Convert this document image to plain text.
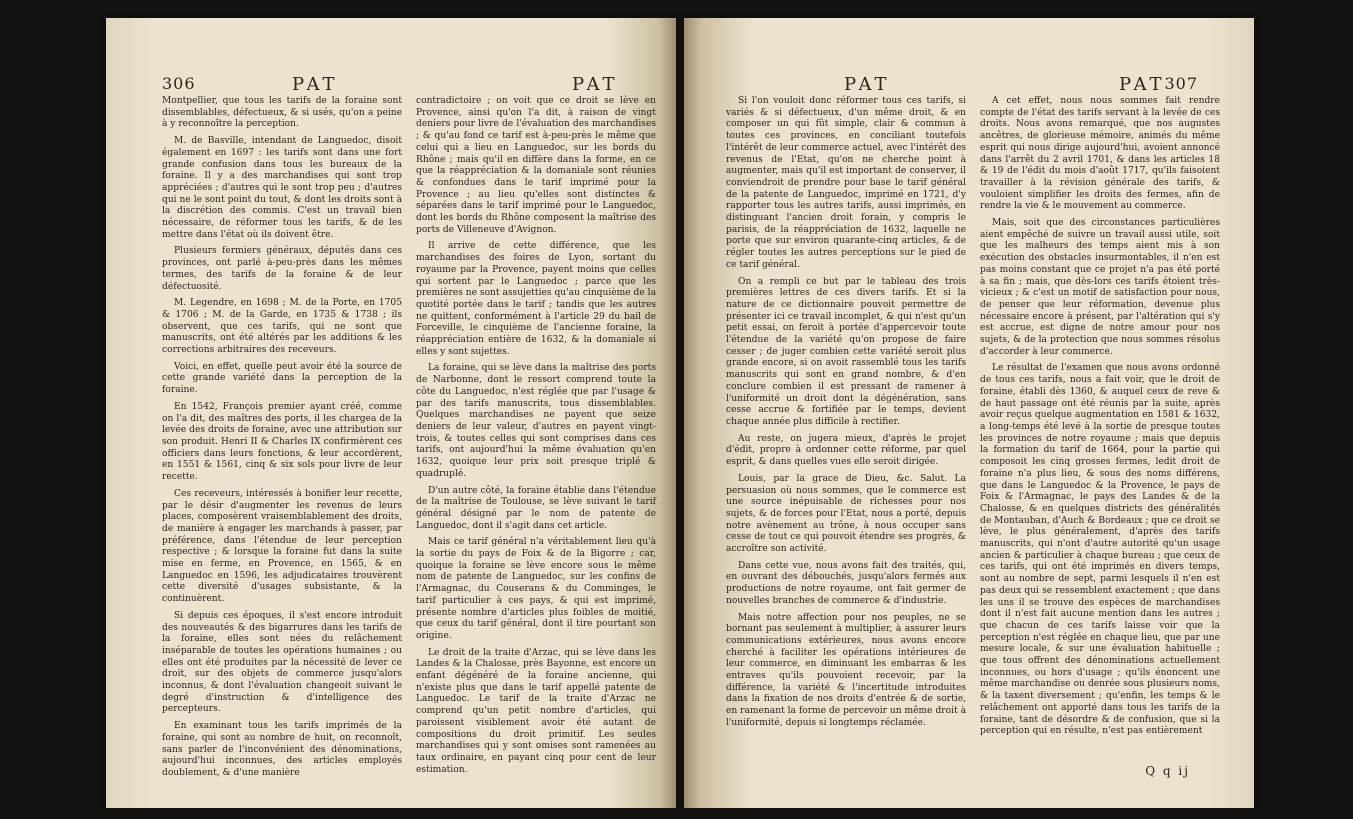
306	PAT	PAT

Montpellier, que tous les tarifs de la foraine sont dissemblables, défectueux, & si usés, qu'on a peine à y reconnoître la perception.

M. de Basville, intendant de Languedoc, disoit également en 1697 : les tarifs sont dans une fort grande confusion dans tous les bureaux de la foraine. Il y a des marchandises qui sont trop appréciées ; d'autres qui le sont trop peu ; d'autres qui ne le sont point du tout, & dont les droits sont à la discrétion des commis. C'est un travail bien nécessaire, de réformer tous les tarifs, & de les mettre dans l'état où ils doivent être.

Plusieurs fermiers généraux, députés dans ces provinces, ont parlé à-peu-près dans les mêmes termes, des tarifs de la foraine & de leur défectuosité.

M. Legendre, en 1698 ; M. de la Porte, en 1705 & 1706 ; M. de la Garde, en 1735 & 1738 ; ils observent, que ces tarifs, qui ne sont que manuscrits, ont été altérés par les additions & les corrections arbitraires des receveurs.

Voici, en effet, quelle peut avoir été la source de cette grande variété dans la perception de la foraine.

En 1542, François premier ayant créé, comme on l'a dit, des maîtres des ports, il les chargea de la levée des droits de foraine, avec une attribution sur son produit. Henri II & Charles IX confirmèrent ces officiers dans leurs fonctions, & leur accordèrent, en 1551 & 1561, cinq & six sols pour livre de leur recette.

Ces receveurs, intéressés à bonifier leur recette, par le désir d'augmenter les revenus de leurs places, composèrent vraisemblablement des droits, de manière à engager les marchands à passer, par préférence, dans l'étendue de leur perception respective ; & lorsque la foraine fut dans la suite mise en ferme, en Provence, en 1565, & en Languedoc en 1596, les adjudicataires trouvèrent cette diversité d'usages subsistante, & la continuèrent.

Si depuis ces époques, il s'est encore introduit des nouveautés & des bigarrures dans les tarifs de la foraine, elles sont nées du relâchement inséparable de toutes les opérations humaines ; ou elles ont été produites par la nécessité de lever ce droit, sur des objets de commerce jusqu'alors inconnus, & dont l'évaluation changeoit suivant le degré d'instruction & d'intelligence des percepteurs.

En examinant tous les tarifs imprimés de la foraine, qui sont au nombre de huit, on reconnoît, sans parler de l'inconvénient des dénominations, aujourd'hui inconnues, des articles employés doublement, & d'une manière

contradictoire ; on voit que ce droit se lève en Provence, ainsi qu'on l'a dit, à raison de vingt deniers pour livre de l'évaluation des marchandises ; & qu'au fond ce tarif est à-peu-près le même que celui qui a lieu en Languedoc, sur les bords du Rhône ; mais qu'il en diffère dans la forme, en ce que la réappréciation & la domaniale sont réunies & confondues dans le tarif imprimé pour la Provence ; au lieu qu'elles sont distinctes & séparées dans le tarif imprimé pour le Languedoc, dont les bords du Rhône composent la maîtrise des ports de Villeneuve d'Avignon.

Il arrive de cette différence, que les marchandises des foires de Lyon, sortant du royaume par la Provence, payent moins que celles qui sortent par le Languedoc ; parce que les premières ne sont assujetties qu'au cinquième de la quotité portée dans le tarif ; tandis que les autres ne quittent, conformément à l'article 29 du bail de Forceville, le cinquième de l'ancienne foraine, la réappréciation entière de 1632, & la domaniale si elles y sont sujettes.

La foraine, qui se lève dans la maîtrise des ports de Narbonne, dont le ressort comprend toute la côte du Languedoc, n'est réglée que par l'usage & par des tarifs manuscrits, tous dissemblables. Quelques marchandises ne payent que seize deniers de leur valeur, d'autres en payent vingt-trois, & toutes celles qui sont comprises dans ces tarifs, ont aujourd'hui la même évaluation qu'en 1632, quoique leur prix soit presque triplé & quadruplé.

D'un autre côté, la foraine établie dans l'étendue de la maîtrise de Toulouse, se lève suivant le tarif général désigné par le nom de patente de Languedoc, dont il s'agit dans cet article.

Mais ce tarif général n'a véritablement lieu qu'à la sortie du pays de Foix & de la Bigorre ; car, quoique la foraine se lève encore sous le même nom de patente de Languedoc, sur les confins de l'Armagnac, du Couserans & du Comminges, le tarif particulier à ces pays, & qui est imprimé, présente nombre d'articles plus foibles de moitié, que ceux du tarif général, dont il tire pourtant son origine.

Le droit de la traite d'Arzac, qui se lève dans les Landes & la Chalosse, près Bayonne, est encore un enfant dégénéré de la foraine ancienne, qui n'existe plus que dans le tarif appellé patente de Languedoc. Le tarif de la traite d'Arzac ne comprend qu'un petit nombre d'articles, qui paroissent visiblement avoir été autant de compositions du droit primitif. Les seules marchandises qui y sont omises sont ramenées au taux ordinaire, en payant cinq pour cent de leur estimation.

PAT	PAT
307

Si l'on vouloit donc réformer tous ces tarifs, si variés & si défectueux, d'un même droit, & en composer un qui fût simple, clair & commun à toutes ces provinces, en conciliant toutefois l'intérêt de leur commerce actuel, avec l'intérêt des revenus de l'Etat, qu'on ne cherche point à augmenter, mais qu'il est important de conserver, il conviendroit de prendre pour base le tarif général de la patente de Languedoc, imprimé en 1721, d'y rapporter tous les autres tarifs, aussi imprimés, en distinguant l'ancien droit forain, y compris le parisis, de la réappréciation de 1632, laquelle ne porte que sur environ quarante-cinq articles, & de régler toutes les autres perceptions sur le pied de ce tarif général.

On a rempli ce but par le tableau des trois premières lettres de ces divers tarifs. Et si la nature de ce dictionnaire pouvoit permettre de présenter ici ce travail incomplet, & qui n'est qu'un petit essai, on feroit à portée d'appercevoir toute l'étendue de la variété qu'on propose de faire cesser ; de juger combien cette variété seroit plus grande encore, si on avoit rassemblé tous les tarifs manuscrits qui sont en grand nombre, & d'en conclure combien il est pressant de ramener à l'uniformité un droit dont la dégénération, sans cesse accrue & fortifiée par le temps, devient chaque année plus difficile à rectifier.

Au reste, on jugera mieux, d'après le projet d'édit, propre à ordonner cette réforme, par quel esprit, & dans quelles vues elle seroit dirigée.

Louis, par la grace de Dieu, &c. Salut. La persuasion où nous sommes, que le commerce est une source inépuisable de richesses pour nos sujets, & de forces pour l'Etat, nous a porté, depuis notre avènement au trône, à nous occuper sans cesse de tout ce qui pouvoit étendre ses progrès, & accroître son activité.

Dans cette vue, nous avons fait des traités, qui, en ouvrant des débouchés, jusqu'alors fermés aux productions de notre royaume, ont fait germer de nouvelles branches de commerce & d'industrie.

Mais notre affection pour nos peuples, ne se bornant pas seulement à multiplier, à assurer leurs communications extérieures, nous avons encore cherché à faciliter les opérations intérieures de leur commerce, en diminuant les embarras & les entraves qu'ils pouvoient recevoir, par la différence, la variété & l'incertitude introduites dans la fixation de nos droits d'entrée & de sortie, en ramenant la forme de percevoir un même droit à l'uniformité, depuis si longtemps réclamée.

A cet effet, nous nous sommes fait rendre compte de l'état des tarifs servant à la levée de ces droits. Nous avons remarqué, que nos augustes ancêtres, de glorieuse mémoire, animés du même esprit qui nous dirige aujourd'hui, avoient annoncé dans l'arrêt du 2 avril 1701, & dans les articles 18 & 19 de l'édit du mois d'août 1717, qu'ils faisoient travailler à la révision générale des tarifs, & vouloient simplifier les droits des fermes, afin de rendre la vie & le mouvement au commerce.

Mais, soit que des circonstances particulières aient empêché de suivre un travail aussi utile, soit que les malheurs des temps aient mis à son exécution des obstacles insurmontables, il n'en est pas moins constant que ce projet n'a pas été porté à sa fin ; mais, que dès-lors ces tarifs étoient très-vicieux ; & c'est un motif de satisfaction pour nous, de penser que leur réformation, devenue plus nécessaire encore à présent, par l'altération qui s'y est accrue, est digne de notre amour pour nos sujets, & de la protection que nous sommes résolus d'accorder à leur commerce.

Le résultat de l'examen que nous avons ordonné de tous ces tarifs, nous a fait voir, que le droit de foraine, établi dès 1360, & auquel ceux de reve & de haut passage ont été réunis par la suite, après avoir reçus quelque augmentation en 1581 & 1632, a long-temps été levé à la sortie de presque toutes les provinces de notre royaume ; mais que depuis la formation du tarif de 1664, pour la partie qui composoit les cinq grosses fermes, ledit droit de foraine n'a plus lieu, & sous des noms différens, que dans le Languedoc & la Provence, le pays de Foix & l'Armagnac, le pays des Landes & de la Chalosse, & en quelques districts des généralités de Montauban, d'Auch & Bordeaux ; que ce droit se lève, le plus généralement, d'après des tarifs manuscrits, qui n'ont d'autre autorité qu'un usage ancien & particulier à chaque bureau ; que ceux de ces tarifs, qui ont été imprimés en divers temps, sont au nombre de sept, parmi lesquels il n'en est pas deux qui se ressemblent exactement ; que dans les uns il se trouve des espèces de marchandises dont il n'est fait aucune mention dans les autres ; que chacun de ces tarifs laisse voir que la perception n'est réglée en chaque lieu, que par une mesure locale, & sur une évaluation habituelle ; que tous offrent des dénominations actuellement inconnues, ou hors d'usage ; qu'ils énoncent une même marchandise ou denrée sous plusieurs noms, & la taxent diversement ; qu'enfin, les temps & le relâchement ont apporté dans tous les tarifs de la foraine, tant de désordre & de confusion, que si la perception qui en résulte, n'est pas entièrement

Q q ij
